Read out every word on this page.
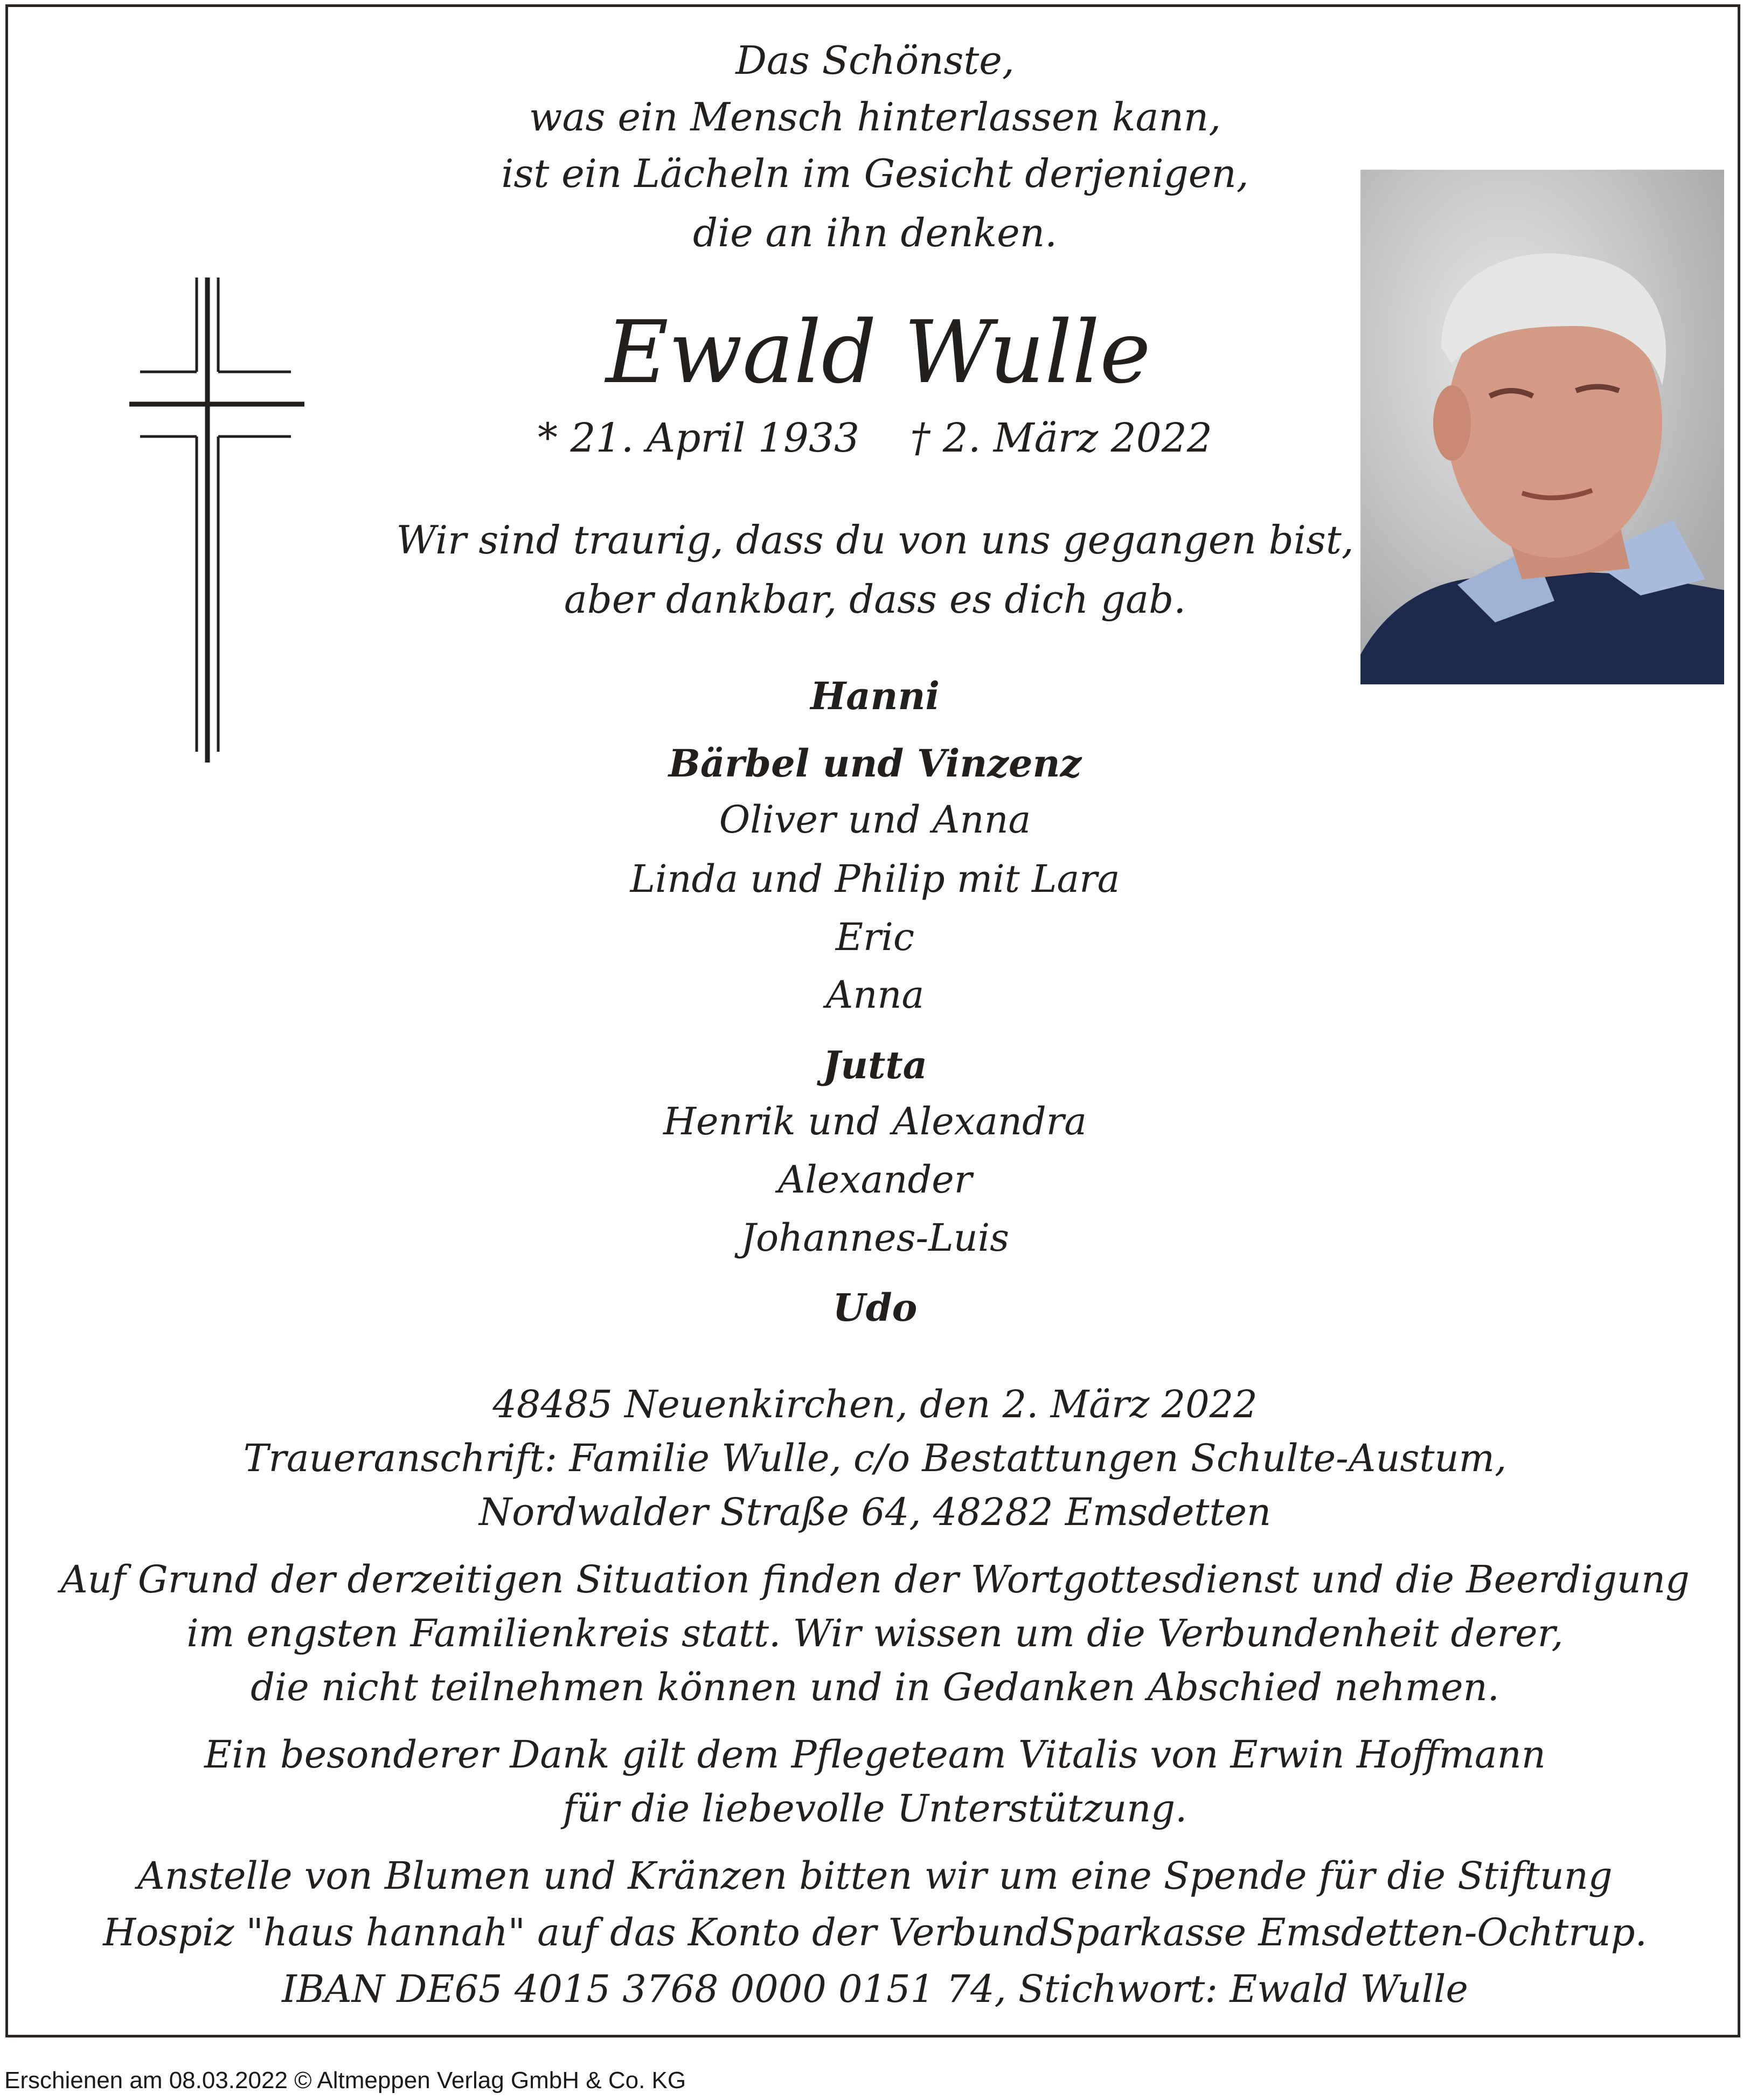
Das Schönste,
was ein Mensch hinterlassen kann,
ist ein Lächeln im Gesicht derjenigen,
die an ihn denken.
Ewald Wulle
* 21. April 1933 † 2. März 2022
Wir sind traurig, dass du von uns gegangen bist,
aber dankbar, dass es dich gab.
Hanni
Bärbel und Vinzenz
Oliver und Anna
Linda und Philip mit Lara
Eric
Anna
Jutta
Henrik und Alexandra
Alexander
Johannes-Luis
Udo
48485 Neuenkirchen, den 2. März 2022
Traueranschrift: Familie Wulle, c/o Bestattungen Schulte-Austum,
Nordwalder Straße 64, 48282 Emsdetten
Auf Grund der derzeitigen Situation finden der Wortgottesdienst und die Beerdigung
im engsten Familienkreis statt. Wir wissen um die Verbundenheit derer,
die nicht teilnehmen können und in Gedanken Abschied nehmen.
Ein besonderer Dank gilt dem Pflegeteam Vitalis von Erwin Hoffmann
für die liebevolle Unterstützung.
Anstelle von Blumen und Kränzen bitten wir um eine Spende für die Stiftung
Hospiz "haus hannah" auf das Konto der VerbundSparkasse Emsdetten-Ochtrup.
IBAN DE65 4015 3768 0000 0151 74, Stichwort: Ewald Wulle
Erschienen am 08.03.2022 © Altmeppen Verlag GmbH & Co. KG
